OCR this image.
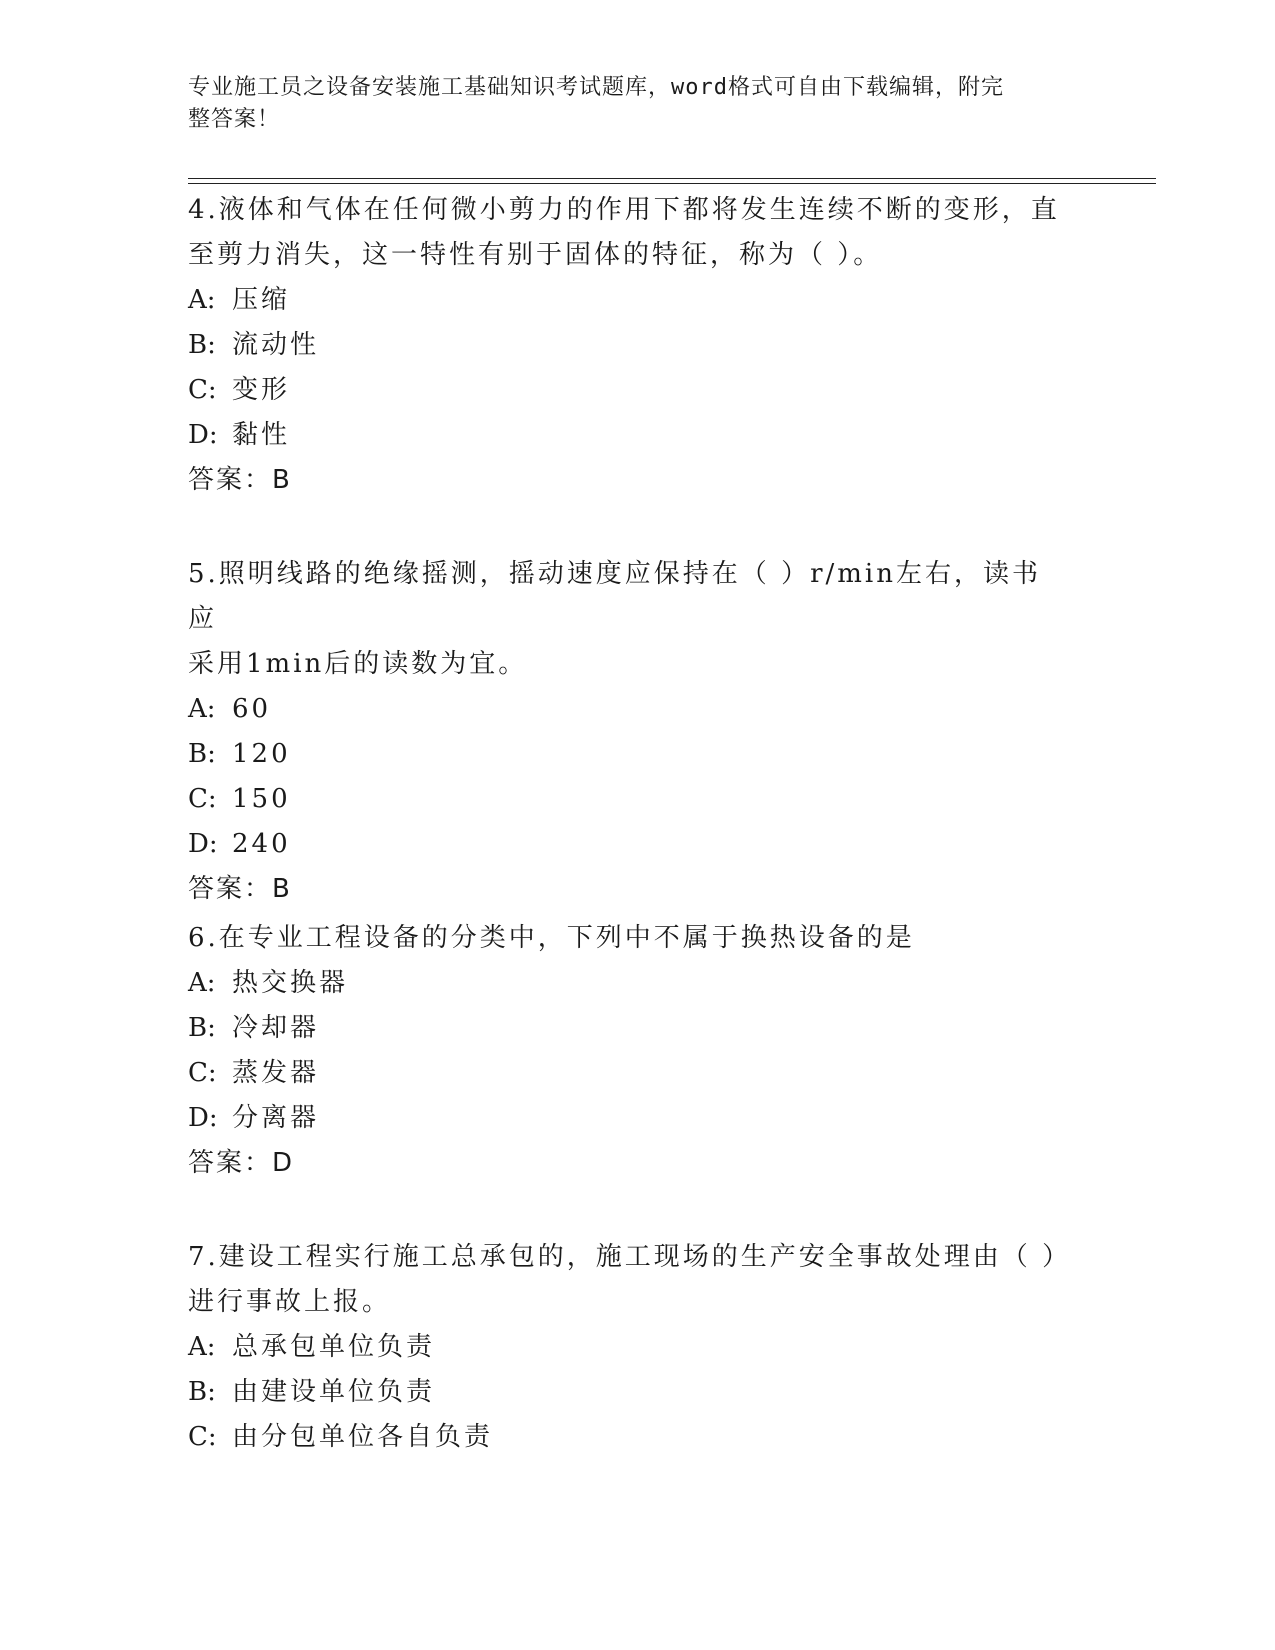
专业施工员之设备安装施工基础知识考试题库，word格式可自由下载编辑，附完
整答案！

4.液体和气体在任何微小剪力的作用下都将发生连续不断的变形，直

至剪力消失，这一特性有别于固体的特征，称为（ ）。

A: 压缩

B: 流动性

C: 变形

D: 黏性

答案：B

5.照明线路的绝缘摇测，摇动速度应保持在（ ）r/min左右，读书应

采用1min后的读数为宜。

A: 60

B: 120

C: 150

D: 240

答案：B

6.在专业工程设备的分类中，下列中不属于换热设备的是

A: 热交换器

B: 冷却器

C: 蒸发器

D: 分离器

答案：D

7.建设工程实行施工总承包的，施工现场的生产安全事故处理由（ ）

进行事故上报。

A: 总承包单位负责

B: 由建设单位负责

C: 由分包单位各自负责
